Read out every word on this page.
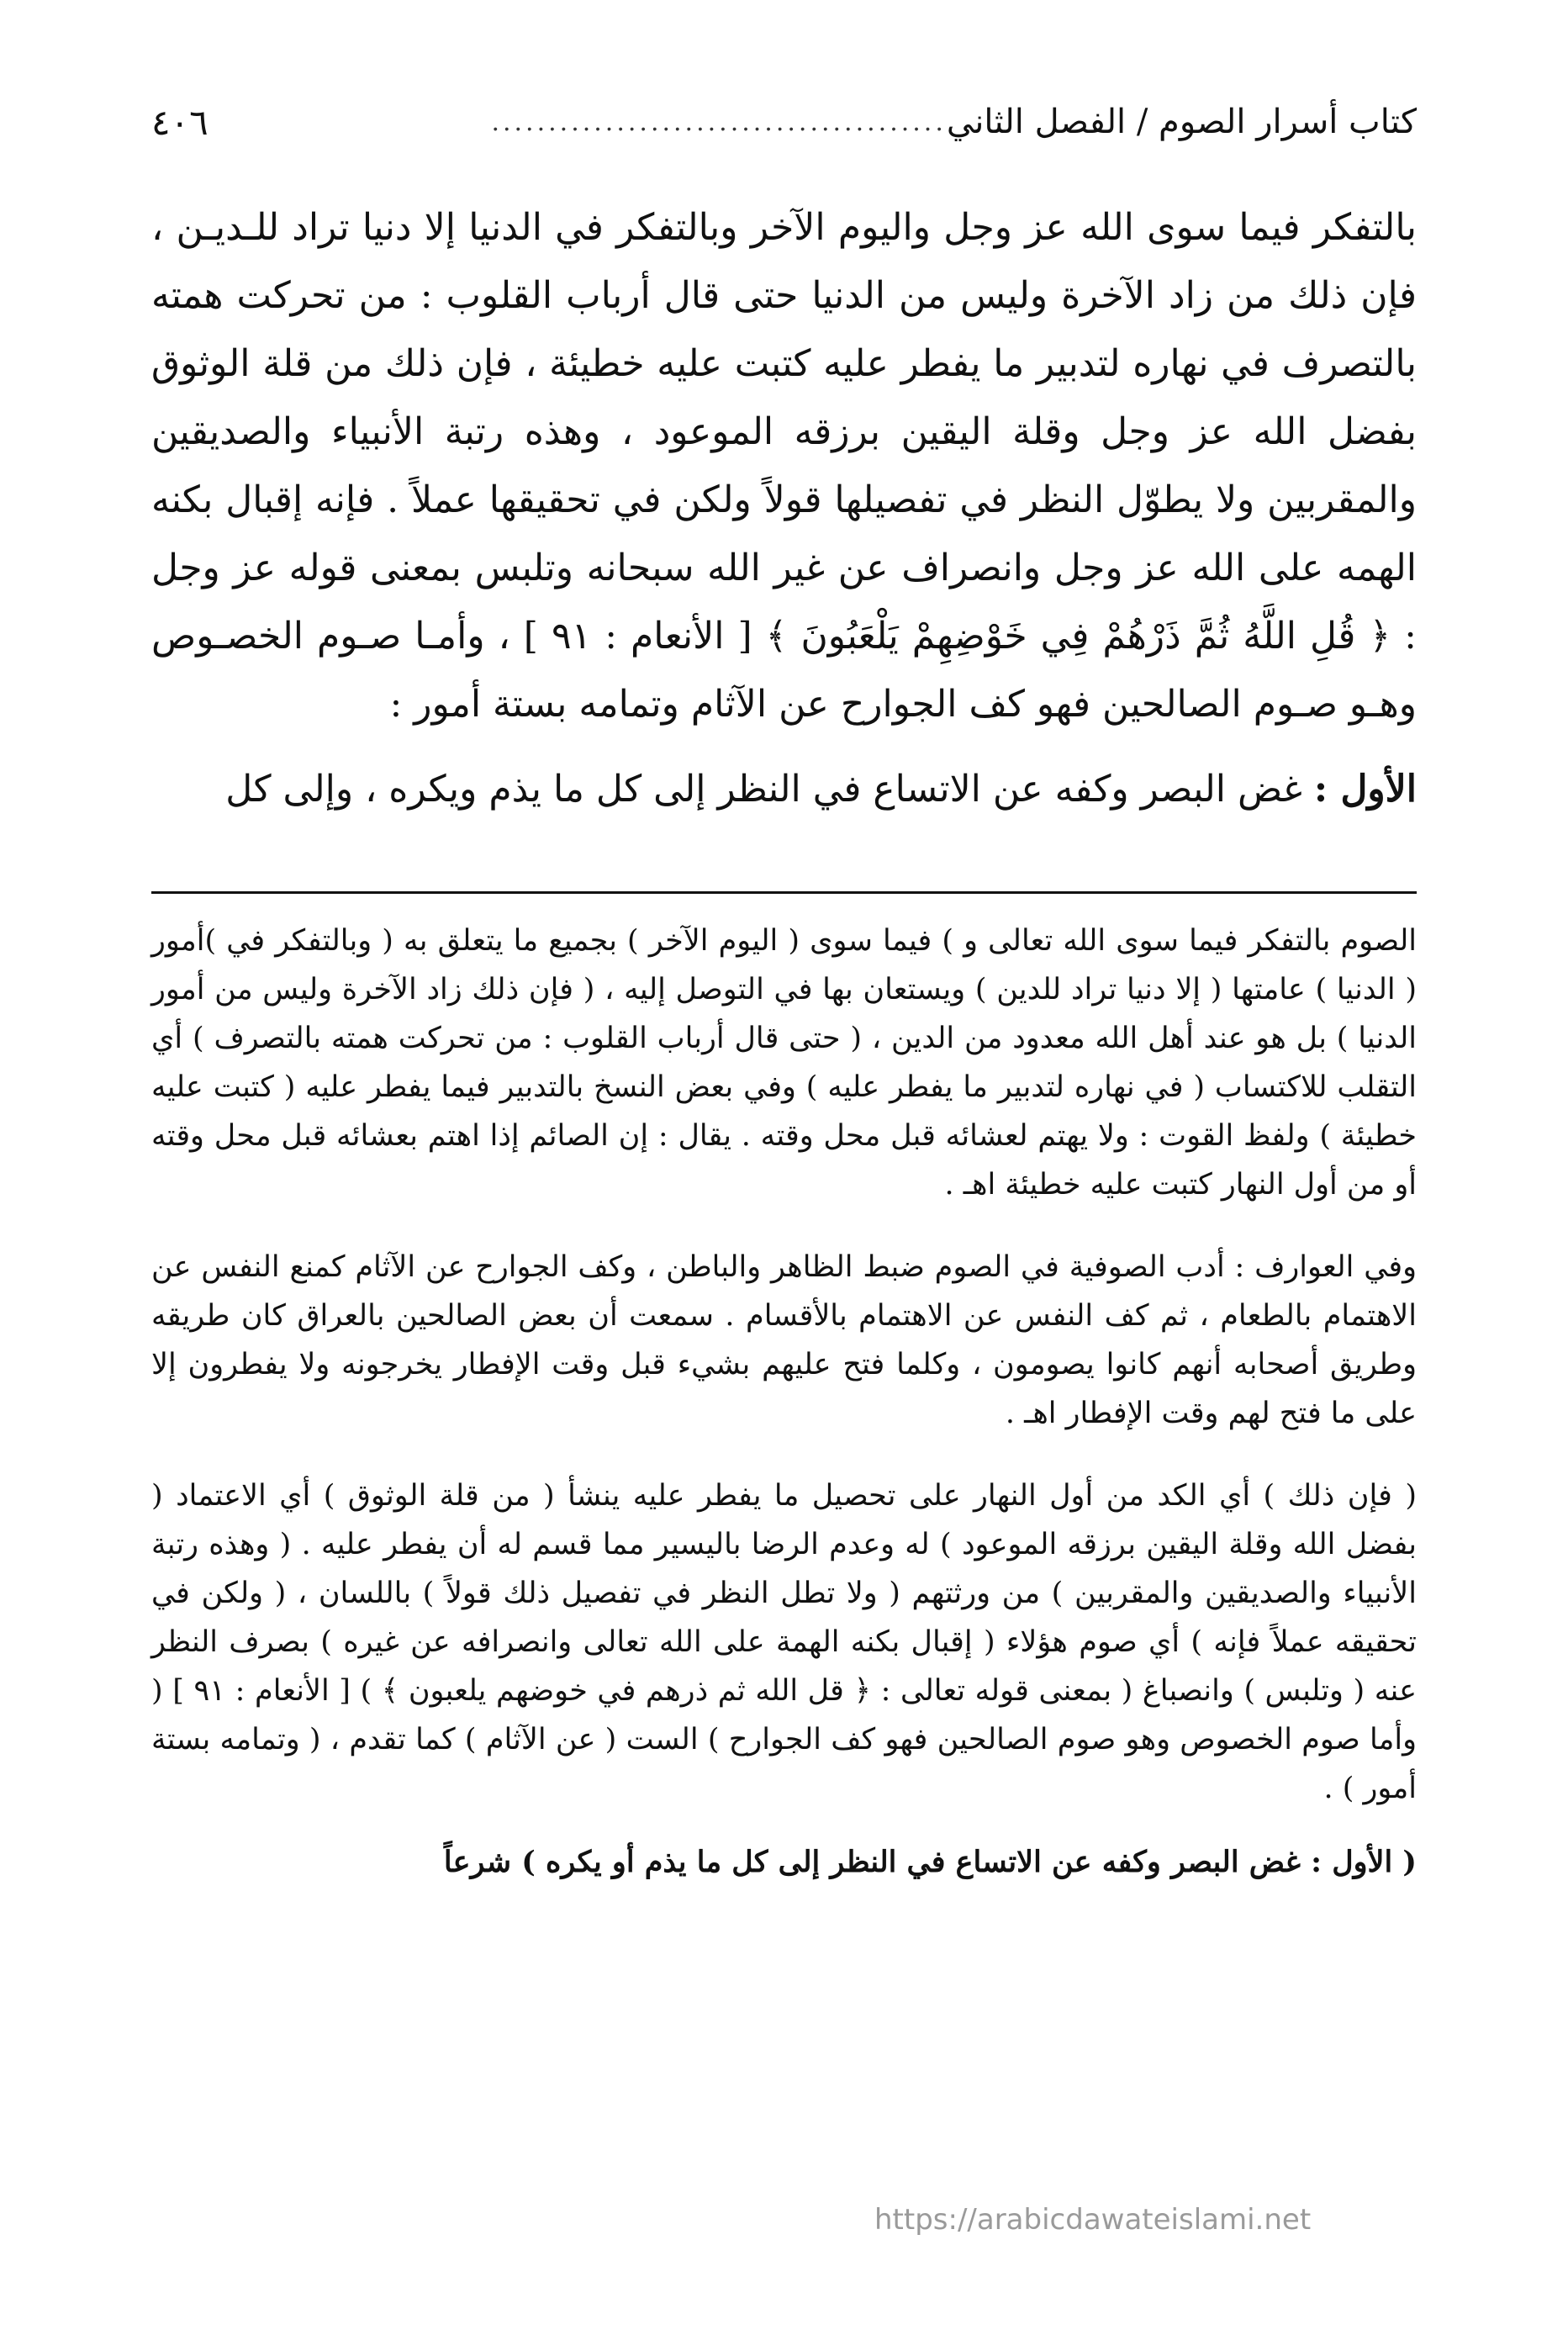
كتاب أسرار الصوم / الفصل الثاني
........................................
٤٠٦

بالتفكر فيما سوى الله عز وجل واليوم الآخر وبالتفكر في الدنيا إلا دنيا تراد للـديـن ، فإن ذلك من زاد الآخرة وليس من الدنيا حتى قال أرباب القلوب : من تحركت همته بالتصرف في نهاره لتدبير ما يفطر عليه كتبت عليه خطيئة ، فإن ذلك من قلة الوثوق بفضل الله عز وجل وقلة اليقين برزقه الموعود ، وهذه رتبة الأنبياء والصديقين والمقربين ولا يطوّل النظر في تفصيلها قولاً ولكن في تحقيقها عملاً . فإنه إقبال بكنه الهمه على الله عز وجل وانصراف عن غير الله سبحانه وتلبس بمعنى قوله عز وجل : ﴿ قُلِ اللَّهُ ثُمَّ ذَرْهُمْ فِي خَوْضِهِمْ يَلْعَبُونَ ﴾ [ الأنعام : ٩١ ] ، وأمـا صـوم الخصـوص وهـو صـوم الصالحين فهو كف الجوارح عن الآثام وتمامه بستة أمور :

الأول : غض البصر وكفه عن الاتساع في النظر إلى كل ما يذم ويكره ، وإلى كل

الصوم بالتفكر فيما سوى الله تعالى و ) فيما سوى ( اليوم الآخر ) بجميع ما يتعلق به ( وبالتفكر في )أمور ( الدنيا ) عامتها ( إلا دنيا تراد للدين ) ويستعان بها في التوصل إليه ، ( فإن ذلك زاد الآخرة وليس من أمور الدنيا ) بل هو عند أهل الله معدود من الدين ، ( حتى قال أرباب القلوب : من تحركت همته بالتصرف ) أي التقلب للاكتساب ( في نهاره لتدبير ما يفطر عليه ) وفي بعض النسخ بالتدبير فيما يفطر عليه ( كتبت عليه خطيئة ) ولفظ القوت : ولا يهتم لعشائه قبل محل وقته . يقال : إن الصائم إذا اهتم بعشائه قبل محل وقته أو من أول النهار كتبت عليه خطيئة اهـ .

وفي العوارف : أدب الصوفية في الصوم ضبط الظاهر والباطن ، وكف الجوارح عن الآثام كمنع النفس عن الاهتمام بالطعام ، ثم كف النفس عن الاهتمام بالأقسام . سمعت أن بعض الصالحين بالعراق كان طريقه وطريق أصحابه أنهم كانوا يصومون ، وكلما فتح عليهم بشيء قبل وقت الإفطار يخرجونه ولا يفطرون إلا على ما فتح لهم وقت الإفطار اهـ .

( فإن ذلك ) أي الكد من أول النهار على تحصيل ما يفطر عليه ينشأ ( من قلة الوثوق ) أي الاعتماد ( بفضل الله وقلة اليقين برزقه الموعود ) له وعدم الرضا باليسير مما قسم له أن يفطر عليه . ( وهذه رتبة الأنبياء والصديقين والمقربين ) من ورثتهم ( ولا تطل النظر في تفصيل ذلك قولاً ) باللسان ، ( ولكن في تحقيقه عملاً فإنه ) أي صوم هؤلاء ( إقبال بكنه الهمة على الله تعالى وانصرافه عن غيره ) بصرف النظر عنه ( وتلبس ) وانصباغ ( بمعنى قوله تعالى : ﴿ قل الله ثم ذرهم في خوضهم يلعبون ﴾ ) [ الأنعام : ٩١ ] ( وأما صوم الخصوص وهو صوم الصالحين فهو كف الجوارح ) الست ( عن الآثام ) كما تقدم ، ( وتمامه بستة أمور ) .

( الأول : غض البصر وكفه عن الاتساع في النظر إلى كل ما يذم أو يكره ) شرعاً

https://arabicdawateislami.net
